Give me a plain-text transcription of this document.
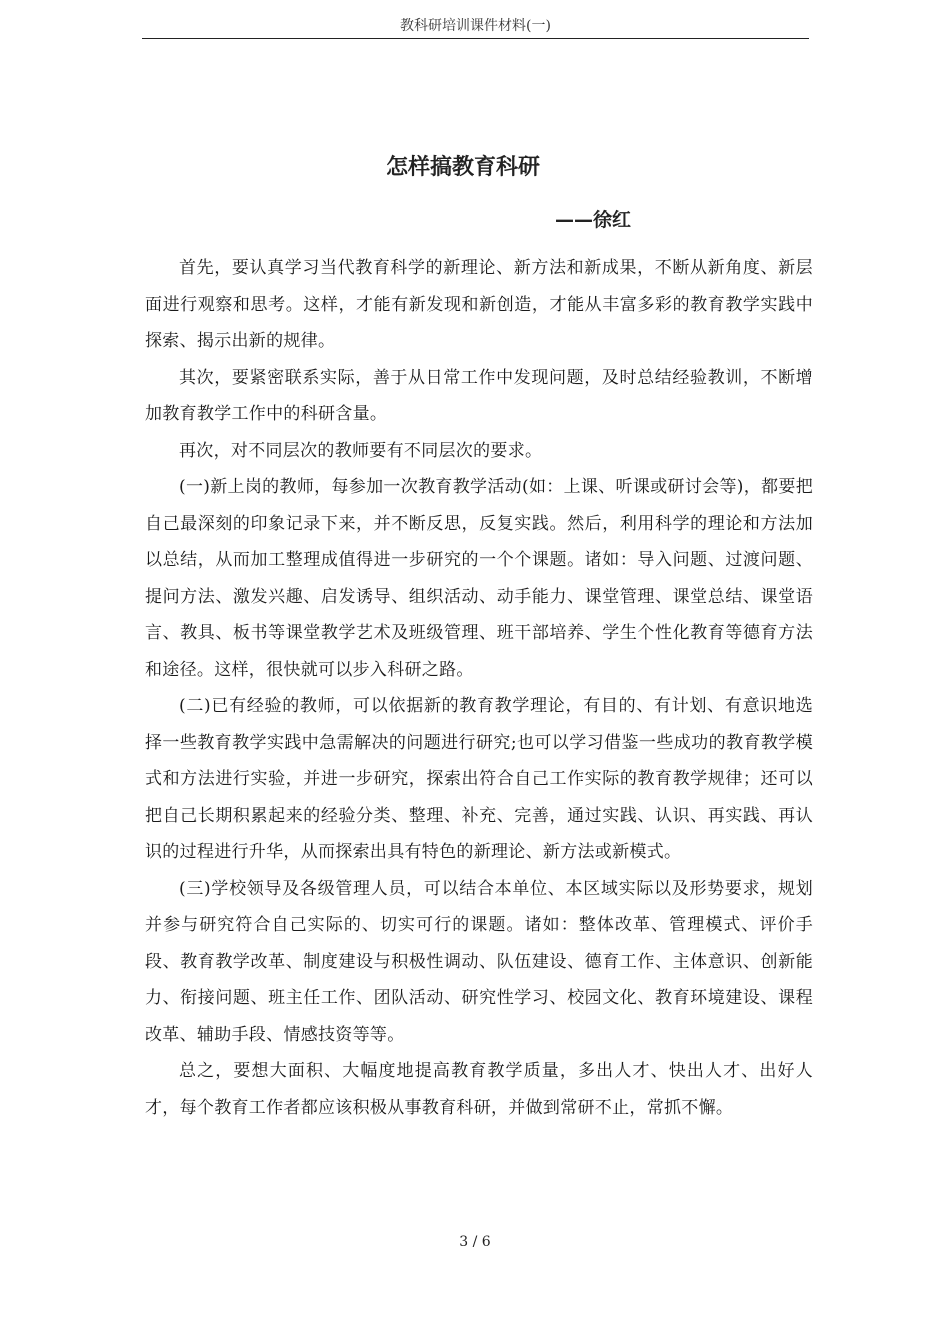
教科研培训课件材料(一)
怎样搞教育科研
——徐红

首先，要认真学习当代教育科学的新理论、新方法和新成果，不断从新角度、新层面进行观察和思考。这样，才能有新发现和新创造，才能从丰富多彩的教育教学实践中探索、揭示出新的规律。

其次，要紧密联系实际，善于从日常工作中发现问题，及时总结经验教训，不断增加教育教学工作中的科研含量。

再次，对不同层次的教师要有不同层次的要求。

(一)新上岗的教师，每参加一次教育教学活动(如：上课、听课或研讨会等)，都要把自己最深刻的印象记录下来，并不断反思，反复实践。然后，利用科学的理论和方法加以总结，从而加工整理成值得进一步研究的一个个课题。诸如：导入问题、过渡问题、提问方法、激发兴趣、启发诱导、组织活动、动手能力、课堂管理、课堂总结、课堂语言、教具、板书等课堂教学艺术及班级管理、班干部培养、学生个性化教育等德育方法和途径。这样，很快就可以步入科研之路。

(二)已有经验的教师，可以依据新的教育教学理论，有目的、有计划、有意识地选择一些教育教学实践中急需解决的问题进行研究;也可以学习借鉴一些成功的教育教学模式和方法进行实验，并进一步研究，探索出符合自己工作实际的教育教学规律；还可以把自己长期积累起来的经验分类、整理、补充、完善，通过实践、认识、再实践、再认识的过程进行升华，从而探索出具有特色的新理论、新方法或新模式。

(三)学校领导及各级管理人员，可以结合本单位、本区域实际以及形势要求，规划并参与研究符合自己实际的、切实可行的课题。诸如：整体改革、管理模式、评价手段、教育教学改革、制度建设与积极性调动、队伍建设、德育工作、主体意识、创新能力、衔接问题、班主任工作、团队活动、研究性学习、校园文化、教育环境建设、课程改革、辅助手段、情感技资等等。

总之，要想大面积、大幅度地提高教育教学质量，多出人才、快出人才、出好人才，每个教育工作者都应该积极从事教育科研，并做到常研不止，常抓不懈。

3 / 6
